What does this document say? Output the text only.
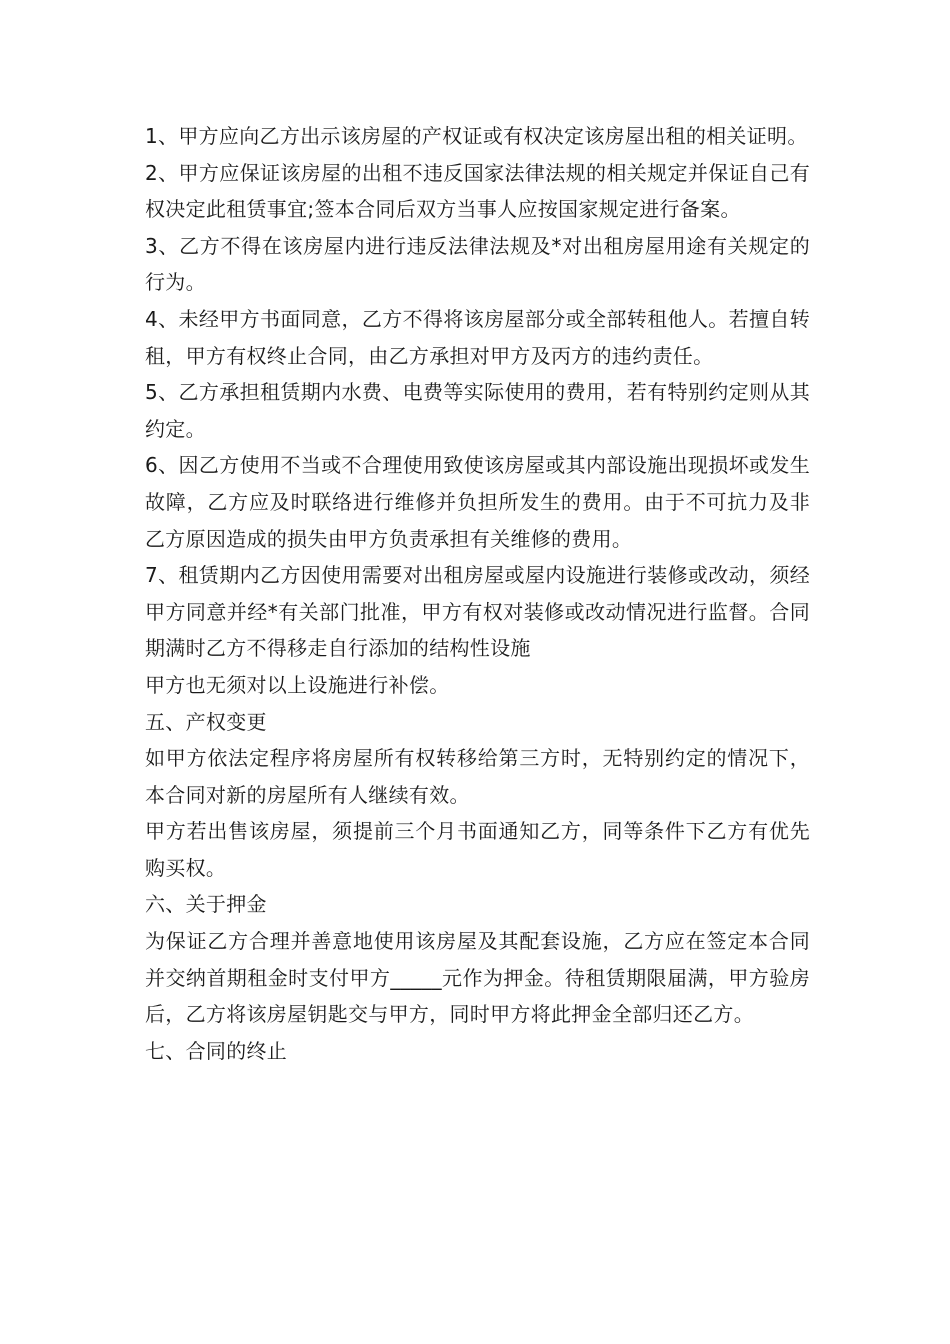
1、甲方应向乙方出示该房屋的产权证或有权决定该房屋出租的相关证明。

2、甲方应保证该房屋的出租不违反国家法律法规的相关规定并保证自己有权决定此租赁事宜;签本合同后双方当事人应按国家规定进行备案。

3、乙方不得在该房屋内进行违反法律法规及*对出租房屋用途有关规定的行为。

4、未经甲方书面同意，乙方不得将该房屋部分或全部转租他人。若擅自转租，甲方有权终止合同，由乙方承担对甲方及丙方的违约责任。

5、乙方承担租赁期内水费、电费等实际使用的费用，若有特别约定则从其约定。

6、因乙方使用不当或不合理使用致使该房屋或其内部设施出现损坏或发生故障，乙方应及时联络进行维修并负担所发生的费用。由于不可抗力及非乙方原因造成的损失由甲方负责承担有关维修的费用。

7、租赁期内乙方因使用需要对出租房屋或屋内设施进行装修或改动，须经甲方同意并经*有关部门批准，甲方有权对装修或改动情况进行监督。合同期满时乙方不得移走自行添加的结构性设施

甲方也无须对以上设施进行补偿。

五、产权变更

如甲方依法定程序将房屋所有权转移给第三方时，无特别约定的情况下，本合同对新的房屋所有人继续有效。

甲方若出售该房屋，须提前三个月书面通知乙方，同等条件下乙方有优先购买权。

六、关于押金

为保证乙方合理并善意地使用该房屋及其配套设施，乙方应在签定本合同并交纳首期租金时支付甲方_____元作为押金。待租赁期限届满，甲方验房后，乙方将该房屋钥匙交与甲方，同时甲方将此押金全部归还乙方。

七、合同的终止
